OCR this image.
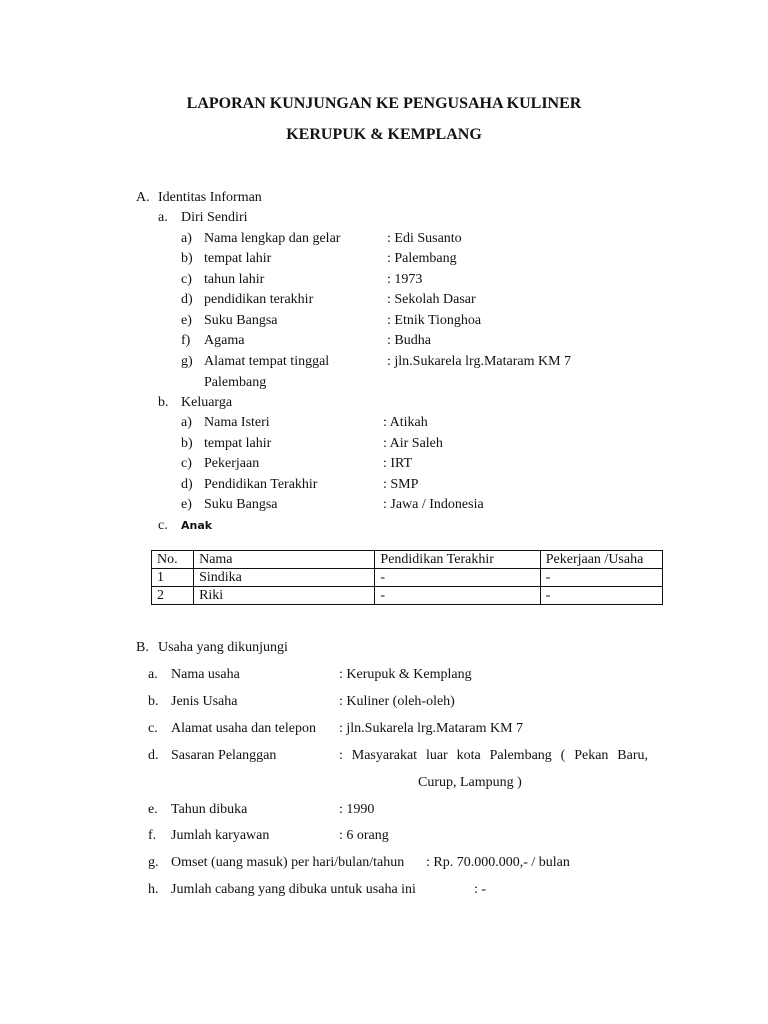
LAPORAN KUNJUNGAN KE PENGUSAHA KULINER
KERUPUK & KEMPLANG
A. Identitas Informan
a. Diri Sendiri
a) Nama lengkap dan gelar	: Edi Susanto
b) tempat lahir	: Palembang
c) tahun lahir	: 1973
d) pendidikan terakhir	: Sekolah Dasar
e) Suku Bangsa	: Etnik Tionghoa
f) Agama	: Budha
g) Alamat tempat tinggal	: jln.Sukarela lrg.Mataram KM 7
Palembang
b. Keluarga
a) Nama Isteri	: Atikah
b) tempat lahir	: Air Saleh
c) Pekerjaan	: IRT
d) Pendidikan Terakhir	: SMP
e) Suku Bangsa	: Jawa / Indonesia
c. Anak
No.	Nama	Pendidikan Terakhir	Pekerjaan /Usaha
1	Sindika	-	-
2	Riki	-	-
B. Usaha yang dikunjungi
a. Nama usaha	: Kerupuk & Kemplang
b. Jenis Usaha	: Kuliner (oleh-oleh)
c. Alamat usaha dan telepon : jln.Sukarela lrg.Mataram KM 7
d. Sasaran Pelanggan	: Masyarakat luar kota Palembang ( Pekan Baru,
Curup, Lampung )
e. Tahun dibuka	: 1990
f. Jumlah karyawan	: 6 orang
g. Omset (uang masuk) per hari/bulan/tahun : Rp. 70.000.000,- / bulan
h. Jumlah cabang yang dibuka untuk usaha ini	: -
